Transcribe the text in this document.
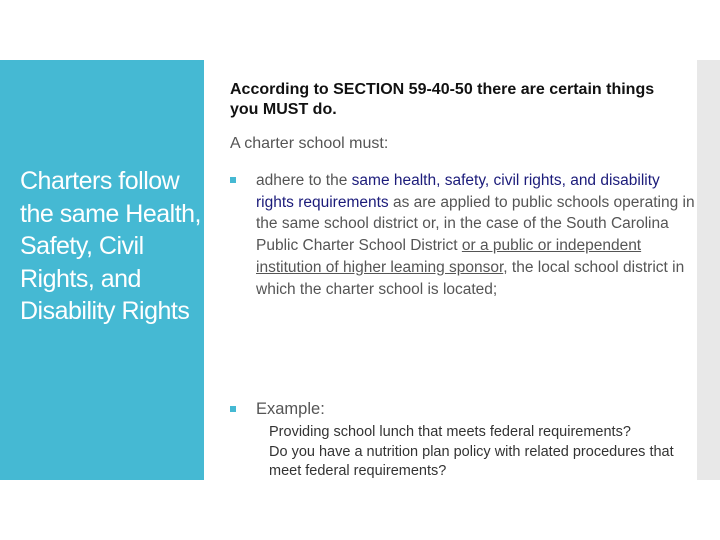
Charters follow the same Health, Safety, Civil Rights, and Disability Rights
According to SECTION 59-40-50 there are certain things you MUST do.
A charter school must:
adhere to the same health, safety, civil rights, and disability rights requirements as are applied to public schools operating in the same school district or, in the case of the South Carolina Public Charter School District or a public or independent institution of higher leaming sponsor, the local school district in which the charter school is located;
Example:
Providing school lunch that meets federal requirements?
Do you have a nutrition plan policy with related procedures that meet federal requirements?
